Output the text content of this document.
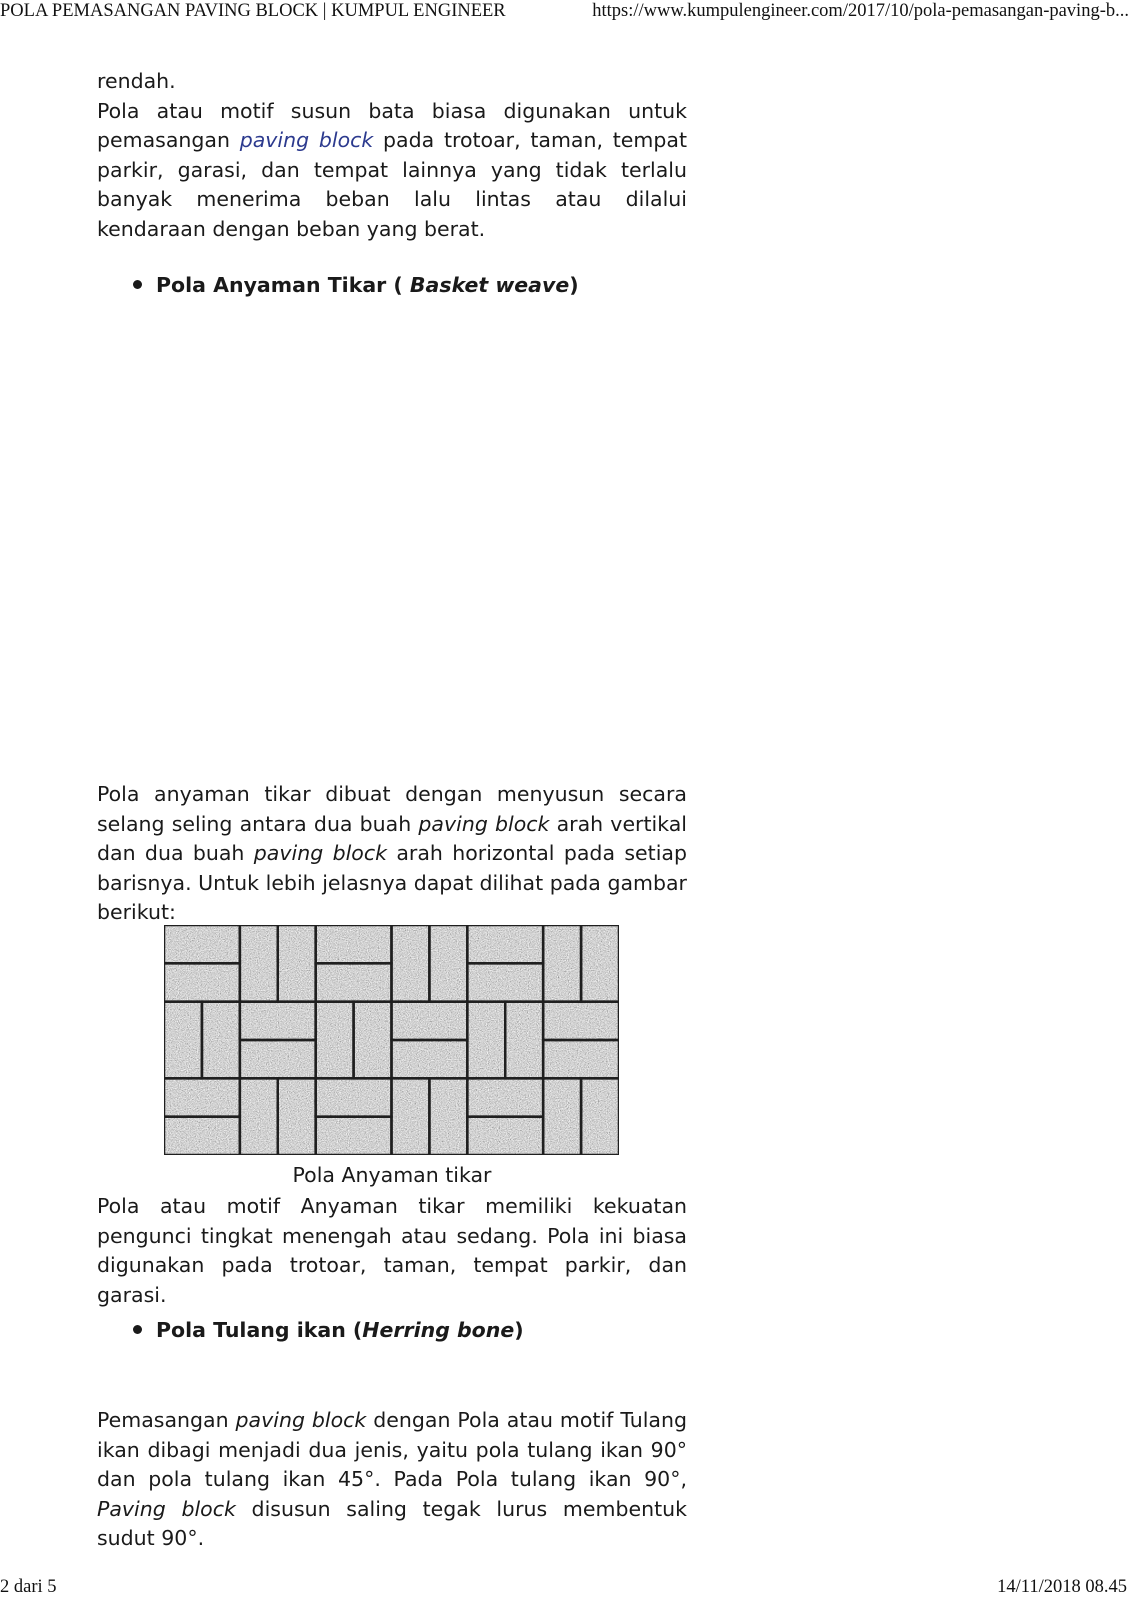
POLA PEMASANGAN PAVING BLOCK | KUMPUL ENGINEER	https://www.kumpulengineer.com/2017/10/pola-pemasangan-paving-b...

rendah.

Pola atau motif susun bata biasa digunakan untuk pemasangan paving block pada trotoar, taman, tempat parkir, garasi, dan tempat lainnya yang tidak terlalu banyak menerima beban lalu lintas atau dilalui kendaraan dengan beban yang berat.

Pola Anyaman Tikar ( Basket weave)
Pola anyaman tikar dibuat dengan menyusun secara selang seling antara dua buah paving block arah vertikal dan dua buah paving block arah horizontal pada setiap barisnya. Untuk lebih jelasnya dapat dilihat pada gambar berikut:
Pola Anyaman tikar
Pola atau motif Anyaman tikar memiliki kekuatan pengunci tingkat menengah atau sedang. Pola ini biasa digunakan pada trotoar, taman, tempat parkir, dan garasi.
Pola Tulang ikan (Herring bone)
Pemasangan paving block dengan Pola atau motif Tulang ikan dibagi menjadi dua jenis, yaitu pola tulang ikan 90° dan pola tulang ikan 45°. Pada Pola tulang ikan 90°, Paving block disusun saling tegak lurus membentuk sudut 90°.
2 dari 5	14/11/2018 08.45
